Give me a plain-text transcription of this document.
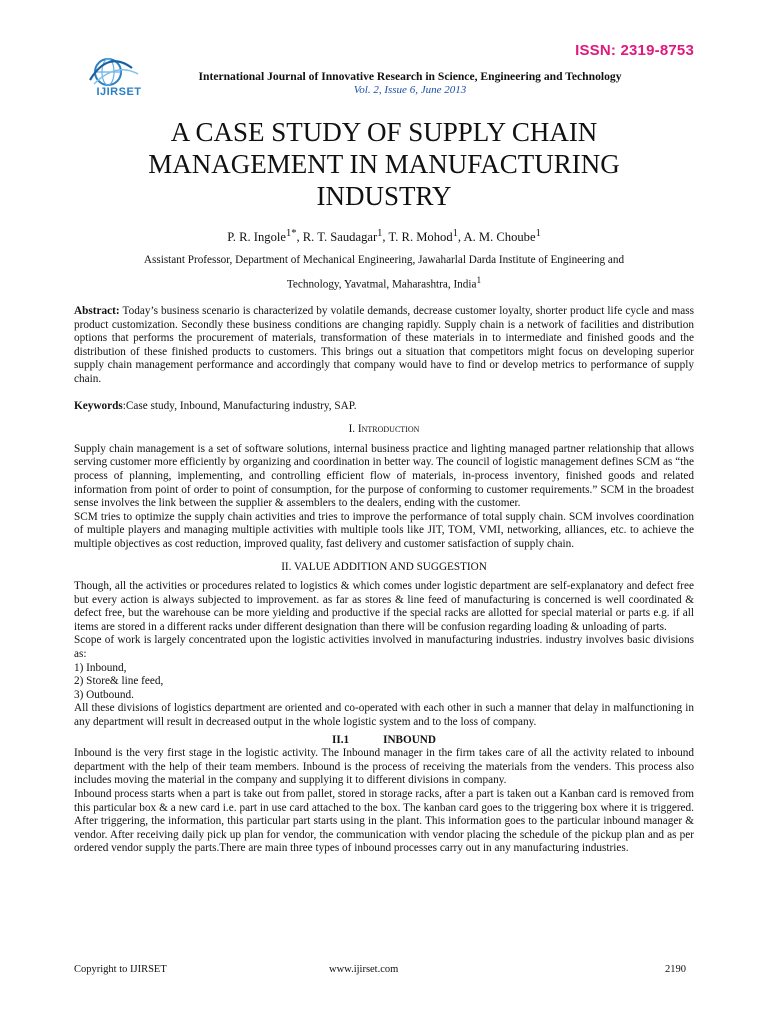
ISSN: 2319-8753
IJIRSET
International Journal of Innovative Research in Science, Engineering and Technology
Vol. 2, Issue 6, June 2013
A CASE STUDY OF SUPPLY CHAIN
MANAGEMENT IN MANUFACTURING
INDUSTRY
P. R. Ingole$^{1*}$, R. T. Saudagar$^1$, T. R. Mohod$^1$, A. M. Choube$^1$
Assistant Professor, Department of Mechanical Engineering, Jawaharlal Darda Institute of Engineering and
Technology, Yavatmal, Maharashtra, India$^1$

Abstract: Today’s business scenario is characterized by volatile demands, decrease customer loyalty, shorter product life cycle and mass product customization. Secondly these business conditions are changing rapidly. Supply chain is a network of facilities and distribution options that performs the procurement of materials, transformation of these materials in to intermediate and finished goods and the distribution of these finished products to customers. This brings out a situation that competitors might focus on developing superior supply chain management performance and accordingly that company would have to find or develop metrics to performance of supply chain.

Keywords:Case study, Inbound, Manufacturing industry, SAP.

I. Introduction

Supply chain management is a set of software solutions, internal business practice and lighting managed partner relationship that allows serving customer more efficiently by organizing and coordination in better way. The council of logistic management defines SCM as “the process of planning, implementing, and controlling efficient flow of materials, in-process inventory, finished goods and related information from point of order to point of consumption, for the purpose of conforming to customer requirements.” SCM in the broadest sense involves the link between the supplier & assemblers to the dealers, ending with the customer.

SCM tries to optimize the supply chain activities and tries to improve the performance of total supply chain. SCM involves coordination of multiple players and managing multiple activities with multiple tools like JIT, TOM, VMI, networking, alliances, etc. to achieve the multiple objectives as cost reduction, improved quality, fast delivery and customer satisfaction of supply chain.

II. VALUE ADDITION AND SUGGESTION

Though, all the activities or procedures related to logistics & which comes under logistic department are self-explanatory and defect free but every action is always subjected to improvement. as far as stores & line feed of manufacturing is concerned is well coordinated & defect free, but the warehouse can be more yielding and productive if the special racks are allotted for special material or parts e.g. if all items are stored in a different racks under different designation than there will be confusion regarding loading & unloading of parts.

Scope of work is largely concentrated upon the logistic activities involved in manufacturing industries. industry involves basic divisions as:

1) Inbound,

2) Store& line feed,

3) Outbound.

All these divisions of logistics department are oriented and co-operated with each other in such a manner that delay in malfunctioning in any department will result in decreased output in the whole logistic system and to the loss of company.

II.1	INBOUND

Inbound is the very first stage in the logistic activity. The Inbound manager in the firm takes care of all the activity related to inbound department with the help of their team members. Inbound is the process of receiving the materials from the venders. This process also includes moving the material in the company and supplying it to different divisions in company.

Inbound process starts when a part is take out from pallet, stored in storage racks, after a part is taken out a Kanban card is removed from this particular box & a new card i.e. part in use card attached to the box. The kanban card goes to the triggering box where it is triggered. After triggering, the information, this particular part starts using in the plant. This information goes to the particular inbound manager & vendor. After receiving daily pick up plan for vendor, the communication with vendor placing the schedule of the pickup plan and as per ordered vendor supply the parts.There are main three types of inbound processes carry out in any manufacturing industries.

Copyright to IJIRSET	www.ijirset.com	2190
